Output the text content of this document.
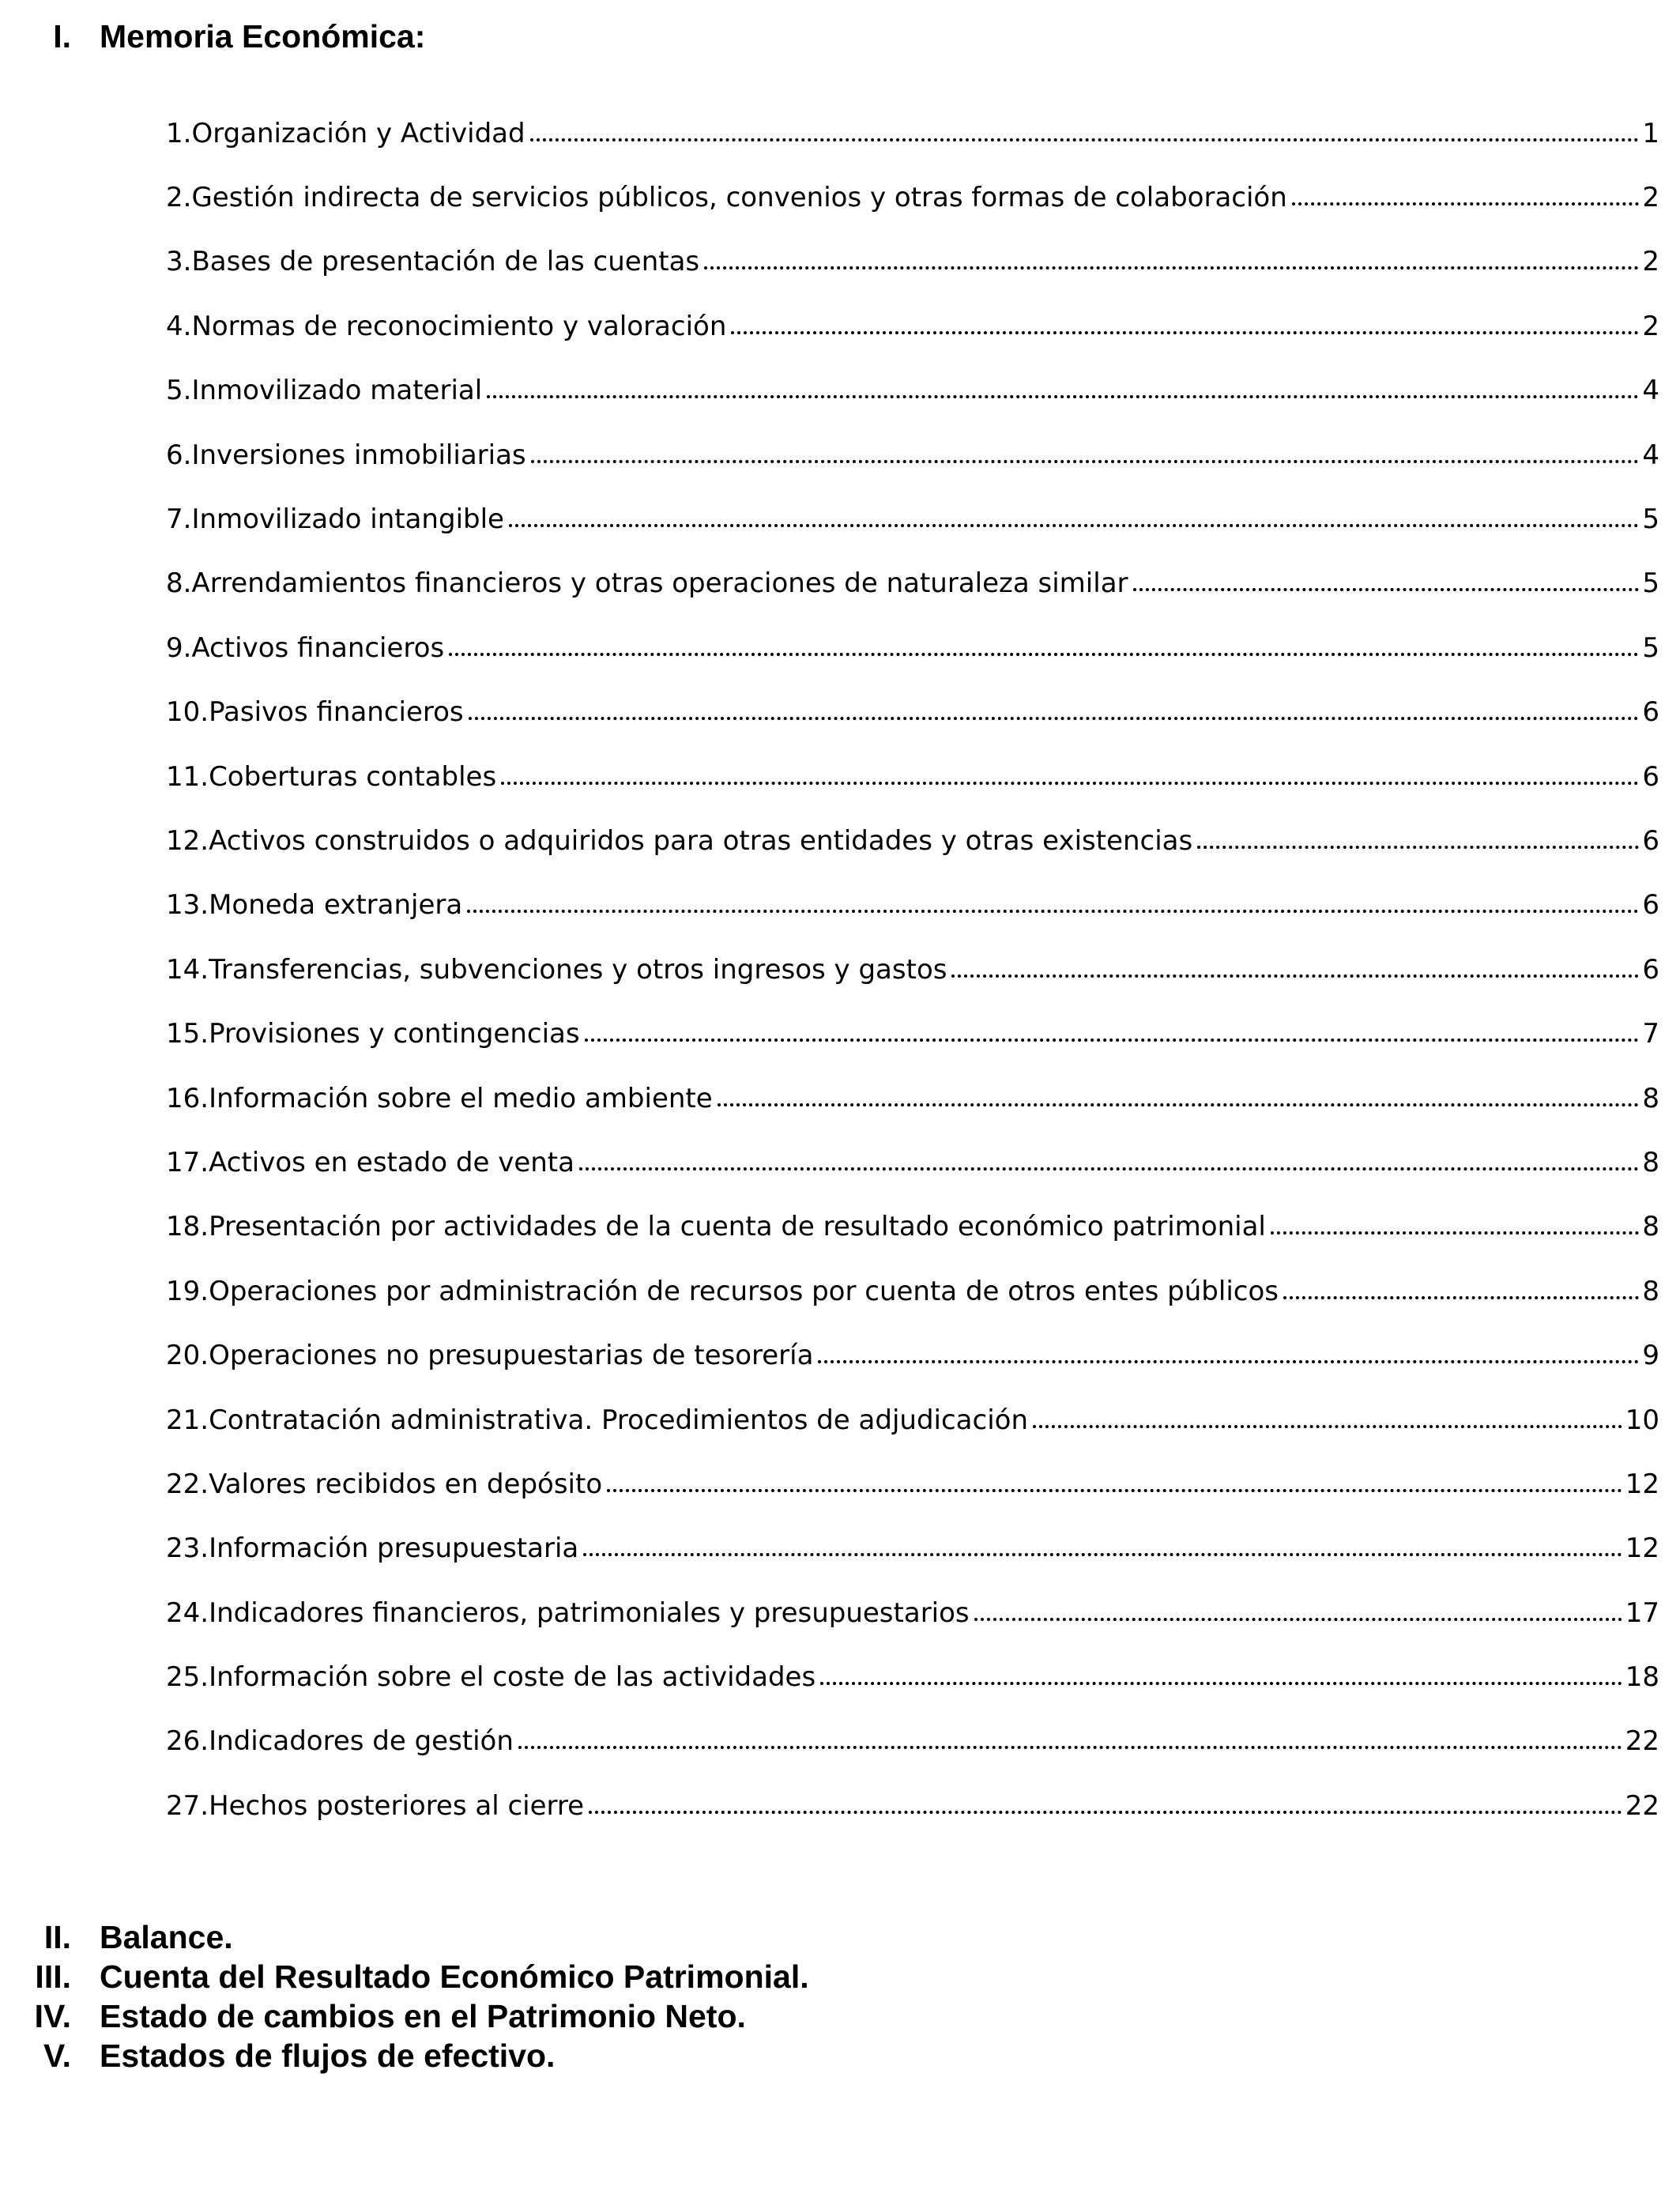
I. Memoria Económica:
1.Organización y Actividad	1
2.Gestión indirecta de servicios públicos, convenios y otras formas de colaboración	2
3.Bases de presentación de las cuentas	2
4.Normas de reconocimiento y valoración	2
5.Inmovilizado material	4
6.Inversiones inmobiliarias	4
7.Inmovilizado intangible	5
8.Arrendamientos financieros y otras operaciones de naturaleza similar	5
9.Activos financieros	5
10.Pasivos financieros	6
11.Coberturas contables	6
12.Activos construidos o adquiridos para otras entidades y otras existencias	6
13.Moneda extranjera	6
14.Transferencias, subvenciones y otros ingresos y gastos	6
15.Provisiones y contingencias	7
16.Información sobre el medio ambiente	8
17.Activos en estado de venta	8
18.Presentación por actividades de la cuenta de resultado económico patrimonial	8
19.Operaciones por administración de recursos por cuenta de otros entes públicos	8
20.Operaciones no presupuestarias de tesorería	9
21.Contratación administrativa. Procedimientos de adjudicación	10
22.Valores recibidos en depósito	12
23.Información presupuestaria	12
24.Indicadores financieros, patrimoniales y presupuestarios	17
25.Información sobre el coste de las actividades	18
26.Indicadores de gestión	22
27.Hechos posteriores al cierre	22
II. Balance.
III. Cuenta del Resultado Económico Patrimonial.
IV. Estado de cambios en el Patrimonio Neto.
V. Estados de flujos de efectivo.
